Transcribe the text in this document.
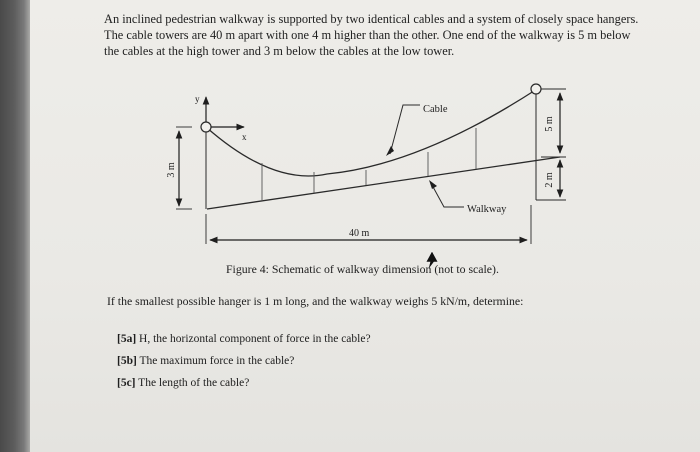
An inclined pedestrian walkway is supported by two identical cables and a system of closely space hangers.

The cable towers are 40 m apart with one 4 m higher than the other. One end of the walkway is 5 m below

the cables at the high tower and 3 m below the cables at the low tower.

y
x
3 m
5 m
2 m
40 m
Cable
Walkway
Figure 4: Schematic of walkway dimension (not to scale).
If the smallest possible hanger is 1 m long, and the walkway weighs 5 kN/m, determine:
[5a] H, the horizontal component of force in the cable?
[5b] The maximum force in the cable?
[5c] The length of the cable?
